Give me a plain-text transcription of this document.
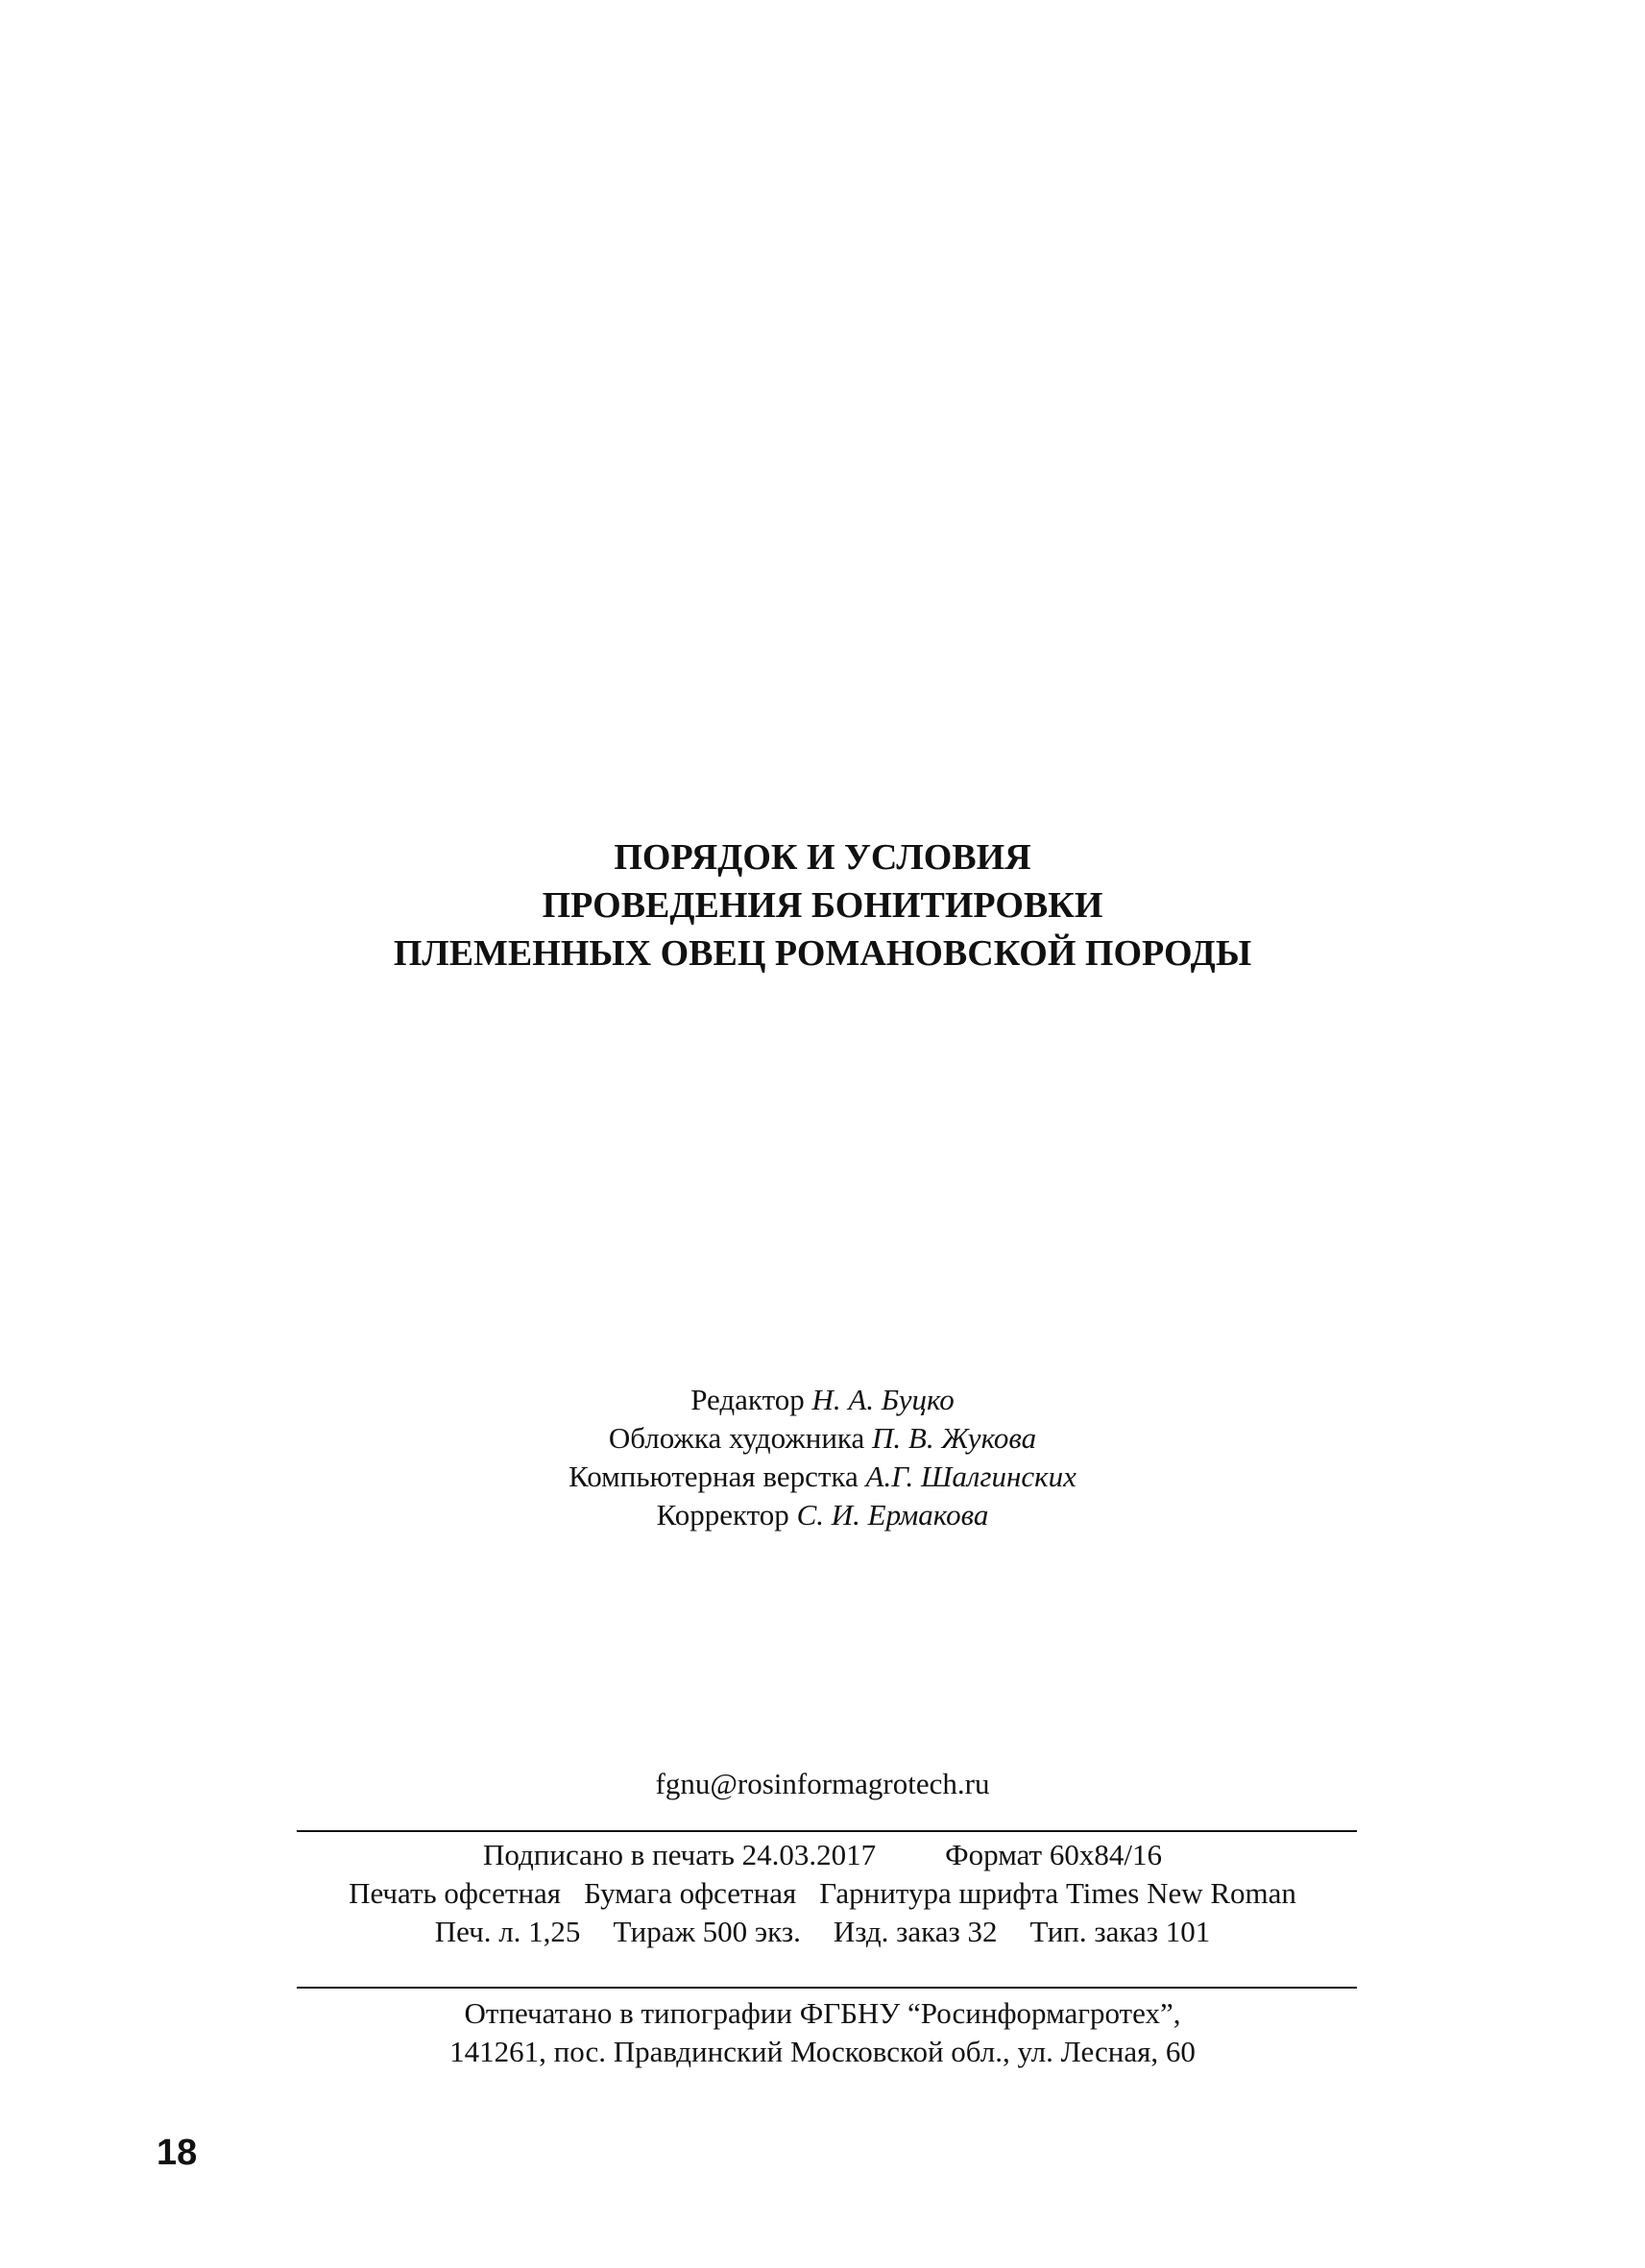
ПОРЯДОК И УСЛОВИЯ
ПРОВЕДЕНИЯ БОНИТИРОВКИ
ПЛЕМЕННЫХ ОВЕЦ РОМАНОВСКОЙ ПОРОДЫ
Редактор Н. А. Буцко
Обложка художника П. В. Жукова
Компьютерная верстка А.Г. Шалгинских
Корректор С. И. Ермакова
fgnu@rosinformagrotech.ru
Подписано в печать 24.03.2017 Формат 60х84/16
Печать офсетная Бумага офсетная Гарнитура шрифта Times New Roman
Печ. л. 1,25 Тираж 500 экз. Изд. заказ 32 Тип. заказ 101
Отпечатано в типографии ФГБНУ “Росинформагротех”,
141261, пос. Правдинский Московской обл., ул. Лесная, 60
18
